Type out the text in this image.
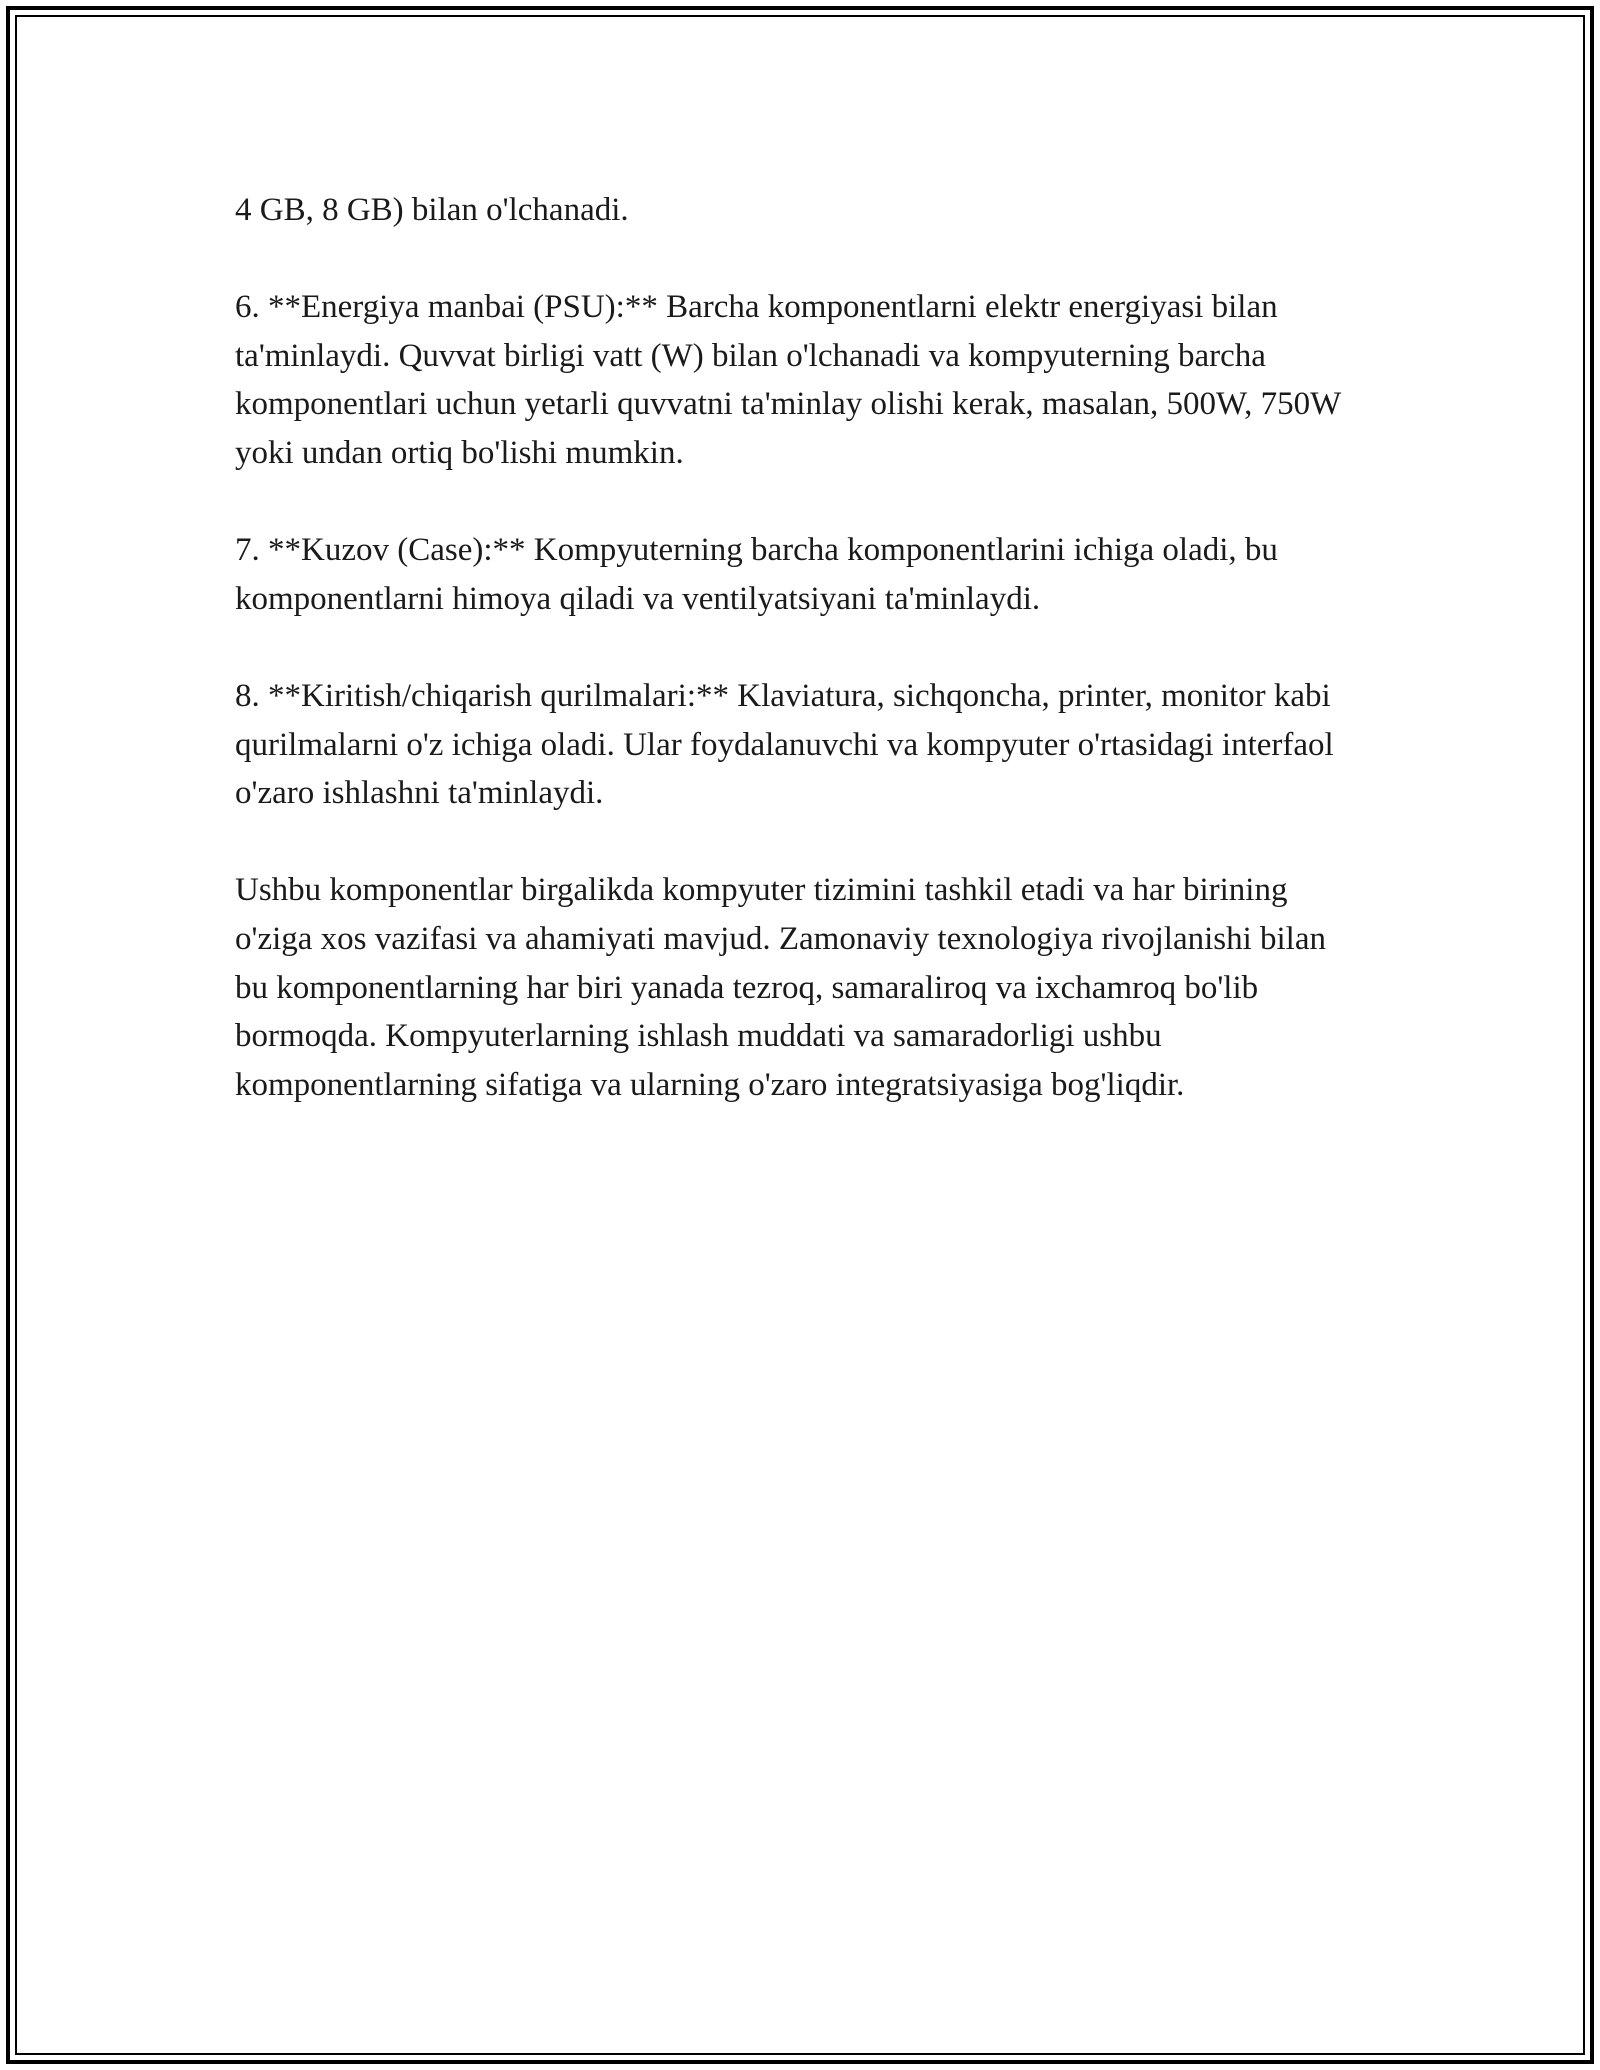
4 GB, 8 GB) bilan o'lchanadi.

6. **Energiya manbai (PSU):** Barcha komponentlarni elektr energiyasi bilan ta'minlaydi. Quvvat birligi vatt (W) bilan o'lchanadi va kompyuterning barcha komponentlari uchun yetarli quvvatni ta'minlay olishi kerak, masalan, 500W, 750W yoki undan ortiq bo'lishi mumkin.

7. **Kuzov (Case):** Kompyuterning barcha komponentlarini ichiga oladi, bu komponentlarni himoya qiladi va ventilyatsiyani ta'minlaydi.

8. **Kiritish/chiqarish qurilmalari:** Klaviatura, sichqoncha, printer, monitor kabi qurilmalarni o'z ichiga oladi. Ular foydalanuvchi va kompyuter o'rtasidagi interfaol o'zaro ishlashni ta'minlaydi.

Ushbu komponentlar birgalikda kompyuter tizimini tashkil etadi va har birining o'ziga xos vazifasi va ahamiyati mavjud. Zamonaviy texnologiya rivojlanishi bilan bu komponentlarning har biri yanada tezroq, samaraliroq va ixchamroq bo'lib bormoqda. Kompyuterlarning ishlash muddati va samaradorligi ushbu komponentlarning sifatiga va ularning o'zaro integratsiyasiga bog'liqdir.
